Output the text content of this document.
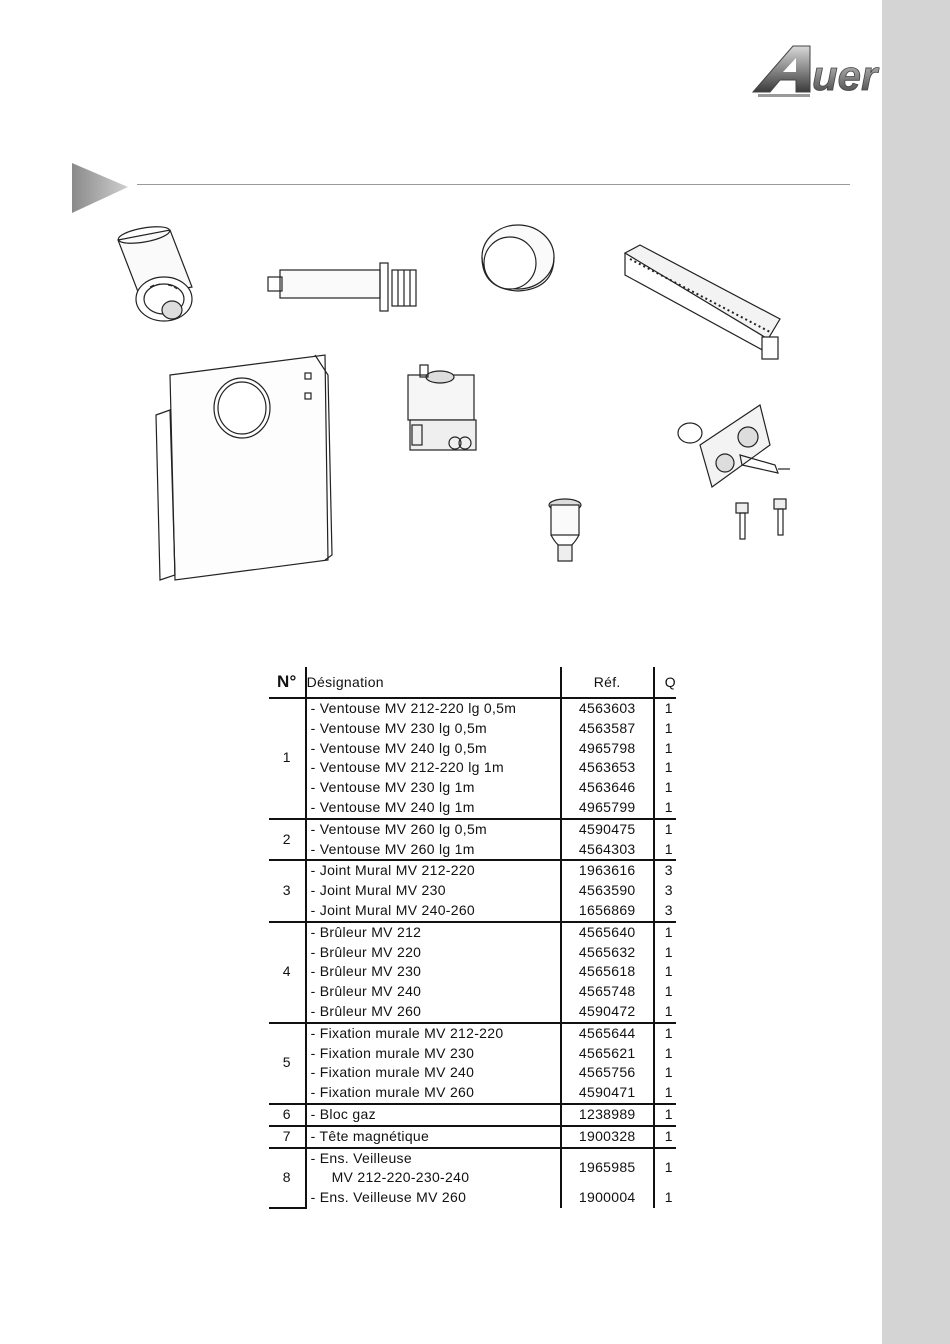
uer
N°	Désignation	Réf.	Q
1	- Ventouse MV 212-220 lg 0,5m	4563603	1
	- Ventouse MV 230 lg 0,5m	4563587	1
	- Ventouse MV 240 lg 0,5m	4965798	1
	- Ventouse MV 212-220 lg 1m	4563653	1
	- Ventouse MV 230 lg 1m	4563646	1
	- Ventouse MV 240 lg 1m	4965799	1
2	- Ventouse MV 260 lg 0,5m	4590475	1
	- Ventouse MV 260 lg 1m	4564303	1
3	- Joint Mural MV 212-220	1963616	3
	- Joint Mural MV 230	4563590	3
	- Joint Mural MV 240-260	1656869	3
4	- Brûleur MV 212	4565640	1
	- Brûleur MV 220	4565632	1
	- Brûleur MV 230	4565618	1
	- Brûleur MV 240	4565748	1
	- Brûleur MV 260	4590472	1
5	- Fixation murale MV 212-220	4565644	1
	- Fixation murale MV 230	4565621	1
	- Fixation murale MV 240	4565756	1
	- Fixation murale MV 260	4590471	1
6	- Bloc gaz	1238989	1
7	- Tête magnétique	1900328	1
8	- Ens. Veilleuse
MV 212-220-230-240	1965985	1
	- Ens. Veilleuse MV 260	1900004	1
